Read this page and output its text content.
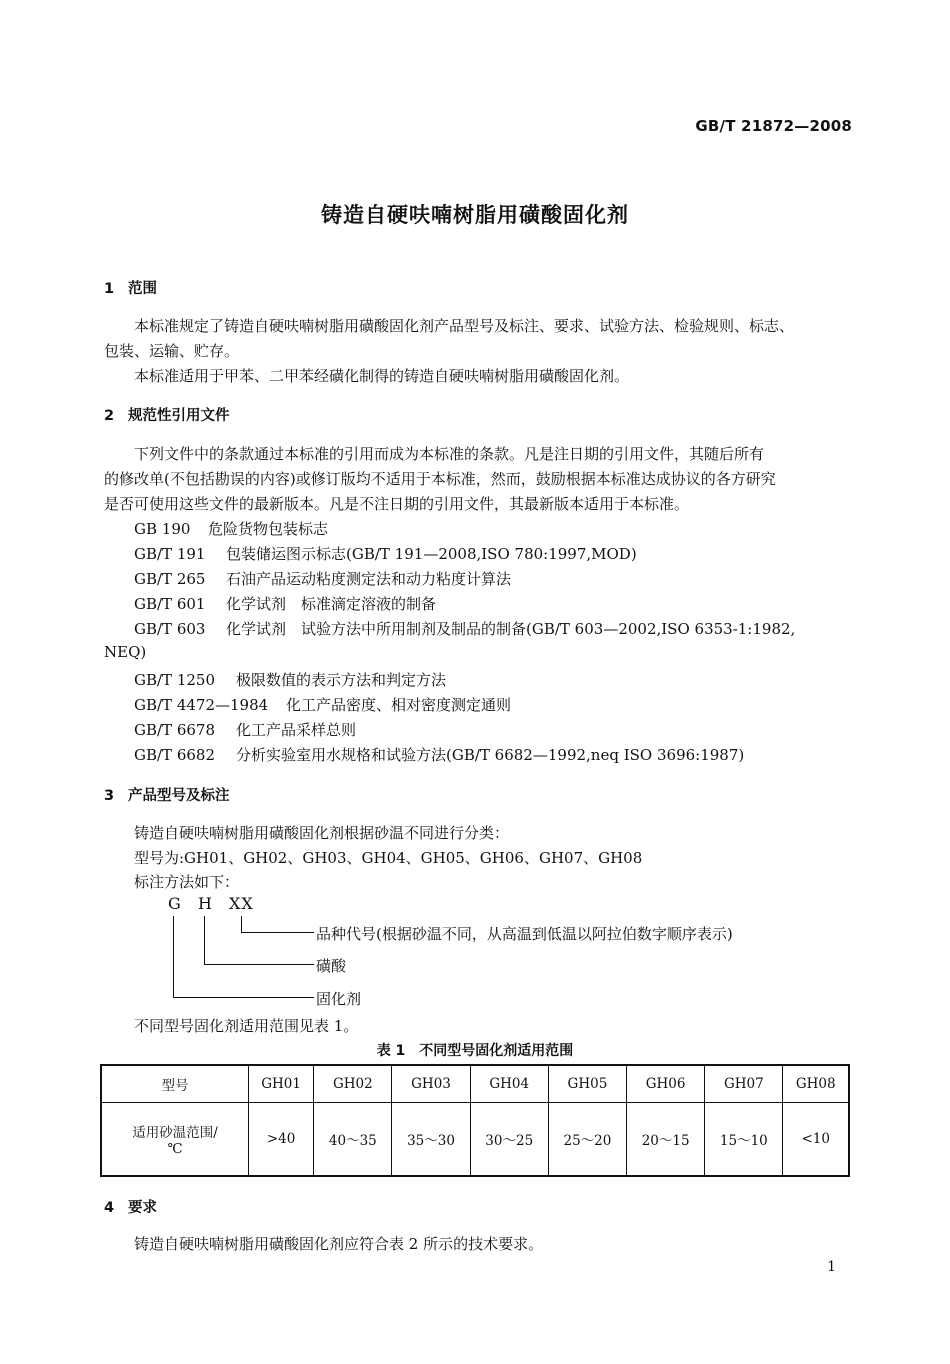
GB/T 21872—2008
铸造自硬呋喃树脂用磺酸固化剂
1 范围
本标准规定了铸造自硬呋喃树脂用磺酸固化剂产品型号及标注、要求、试验方法、检验规则、标志、
包装、运输、贮存。
本标准适用于甲苯、二甲苯经磺化制得的铸造自硬呋喃树脂用磺酸固化剂。
2 规范性引用文件
下列文件中的条款通过本标准的引用而成为本标准的条款。凡是注日期的引用文件，其随后所有
的修改单(不包括勘误的内容)或修订版均不适用于本标准，然而，鼓励根据本标准达成协议的各方研究
是否可使用这些文件的最新版本。凡是不注日期的引用文件，其最新版本适用于本标准。
GB 190 危险货物包装标志
GB/T 191 包装储运图示标志(GB/T 191—2008,ISO 780:1997,MOD)
GB/T 265 石油产品运动粘度测定法和动力粘度计算法
GB/T 601 化学试剂　标准滴定溶液的制备
GB/T 603 化学试剂　试验方法中所用制剂及制品的制备(GB/T 603—2002,ISO 6353-1:1982,
NEQ)
GB/T 1250 极限数值的表示方法和判定方法
GB/T 4472—1984 化工产品密度、相对密度测定通则
GB/T 6678 化工产品采样总则
GB/T 6682 分析实验室用水规格和试验方法(GB/T 6682—1992,neq ISO 3696:1987)
3 产品型号及标注
铸造自硬呋喃树脂用磺酸固化剂根据砂温不同进行分类：
型号为:GH01、GH02、GH03、GH04、GH05、GH06、GH07、GH08
标注方法如下：
G H XX
品种代号(根据砂温不同，从高温到低温以阿拉伯数字顺序表示)
磺酸
固化剂
不同型号固化剂适用范围见表 1。
表 1　不同型号固化剂适用范围
型号	GH01	GH02	GH03	GH04	GH05	GH06	GH07	GH08

适用砂温范围/
℃	>40	40～35	35～30	30～25	25～20	20～15	15～10	<10
4 要求
铸造自硬呋喃树脂用磺酸固化剂应符合表 2 所示的技术要求。
1
